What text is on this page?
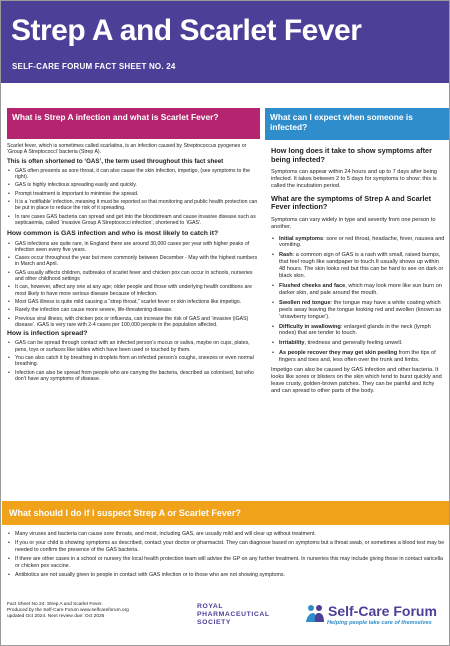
Strep A and Scarlet Fever
SELF-CARE FORUM FACT SHEET NO. 24
What is Strep A infection and what is Scarlet Fever?	What can I expect when someone is infected?

Scarlet fever, which is sometimes called scarlatina, is an infection caused by Streptococcus pyogenes or ‘Group A Streptococci’ bacteria (Strep A).

This is often shortened to ‘GAS’, the term used throughout this fact sheet
• GAS often presents as sore throat, it can also cause the skin infection, impetigo, (see symptoms to the right).
• GAS is highly infectious spreading easily and quickly.
• Prompt treatment is important to minimise the spread.
• It is a ‘notifiable’ infection, meaning it must be reported so that monitoring and public health protection can be put in place to reduce the risk of it spreading.
• In rare cases GAS bacteria can spread and get into the bloodstream and cause invasive disease such as septicaemia, called ‘invasive Group A Streptococci infection’, shortened to ‘iGAS’.
How common is GAS infection and who is most likely to catch it?
• GAS infections are quite rare, in England there are around 30,000 cases per year with higher peaks of infection seen every five years.
• Cases occur throughout the year but more commonly between December - May with the highest numbers in March and April.
• GAS usually affects children, outbreaks of scarlet fever and chicken pox can occur in schools, nurseries and other childhood settings
• It can, however, affect any one at any age; older people and those with underlying health conditions are most likely to have more serious disease because of infection.
• Most GAS illness is quite mild causing a “strep throat,” scarlet fever or skin infections like impetigo.
• Rarely the infection can cause more severe, life-threatening disease.
• Previous viral illness, with chicken pox or influenza, can increase the risk of GAS and ‘invasive (iGAS) disease’. iGAS is very rare with 2-4 cases per 100,000 people in the population affected.
How is infection spread?
• GAS can be spread through contact with an infected person’s mucus or saliva, maybe on cups, plates, pens, toys or surfaces like tables which have been used or touched by them.
• You can also catch it by breathing in droplets from an infected person’s coughs, sneezes or even normal breathing.
• Infection can also be spread from people who are carrying the bacteria, described as colonised, but who don’t have any symptoms of disease.
How long does it take to show symptoms after being infected?

Symptoms can appear within 24 hours and up to 7 days after being infected. It takes between 2 to 5 days for symptoms to show: this is called the incubation period.

What are the symptoms of Strep A and Scarlet Fever infection?

Symptoms can vary widely in type and severity from one person to another.

• Initial symptoms: sore or red throat, headache, fever, nausea and vomiting.
• Rash: a common sign of GAS is a rash with small, raised bumps, that feel rough like sandpaper to touch.It usually shows up within 48 hours. The skin looks red but this can be hard to see on dark or black skin.
• Flushed cheeks and face, which may look more like sun burn on darker skin, and pale around the mouth.
• Swollen red tongue: the tongue may have a white coating which peels away leaving the tongue looking red and swollen (known as ‘strawberry tongue’).
• Difficulty in swallowing: enlarged glands in the neck (lymph nodes) that are tender to touch.
• Irritability, tiredness and generally feeling unwell.
• As people recover they may get skin peeling from the tips of fingers and toes and, less often over the trunk and limbs.

Impetigo can also be caused by GAS infection and other bacteria. It looks like sores or blisters on the skin which tend to burst quickly and leave crusty, golden-brown patches. They can be painful and itchy and can spread to other parts of the body.

What should I do if I suspect Strep A or Scarlet Fever?
• Many viruses and bacteria can cause sore throats, and most, including GAS, are usually mild and will clear up without treatment.
• If you or your child is showing symptoms as described, contact your doctor or pharmacist. They can diagnose based on symptoms but a throat swab, or sometimes a blood test may be needed to confirm the presence of the GAS bacteria.
• If there are other cases in a school or nursery the local health protection team will advise the GP on any further treatment. In nurseries this may include giving those in contact varicella or chicken pox vaccine.
• Antibiotics are not usually given to people in contact with GAS infection or to those who are not showing symptoms.
Fact Sheet No 24: Strep A and Scarlet Fever.
Produced by the Self-Care Forum www.selfcareforum.org
updated Oct 2024. Next review due: Oct 2026
ROYAL
PHARMACEUTICAL
SOCIETY
Self-Care Forum
Helping people take care of themselves
